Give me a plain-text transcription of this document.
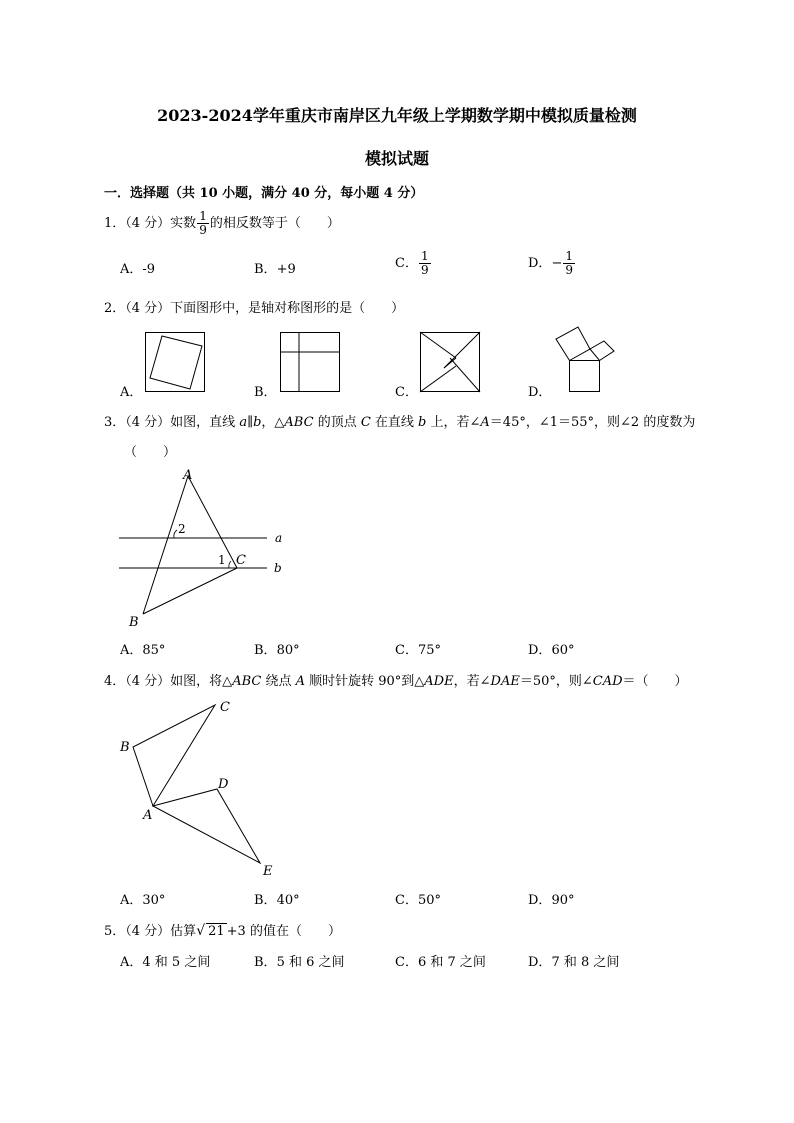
2023-2024学年重庆市南岸区九年级上学期数学期中模拟质量检测
模拟试题
一．选择题（共 10 小题，满分 40 分，每小题 4 分）
1．（4 分）实数 $\frac{1}{9}$ 的相反数等于（　　）
A．-9	B．+9	C． $\frac{1}{9}$	D．− $\frac{1}{9}$
2．（4 分）下面图形中，是轴对称图形的是（　　）
A．	B．	C．	D．
3．（4 分）如图，直线 a∥b，△ABC 的顶点 C 在直线 b 上，若∠A＝45°，∠1＝55°，则∠2 的度数为
（　　）
A
B
C
a
b
1
2
A．85°	B．80°	C．75°	D．60°
4．（4 分）如图，将△ABC 绕点 A 顺时针旋转 90°到△ADE，若∠DAE＝50°，则∠CAD＝（　　）
A
B
C
D
E
A．30°	B．40°	C．50°	D．90°
5．（4 分）估算√ 21 +3 的值在（　　）
A．4 和 5 之间	B．5 和 6 之间	C．6 和 7 之间	D．7 和 8 之间
